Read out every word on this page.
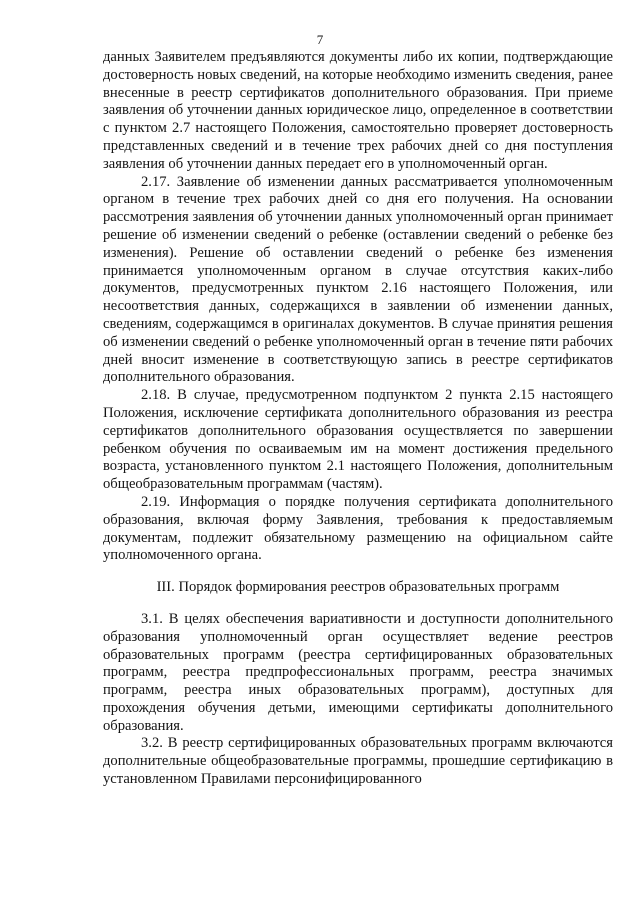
7

данных Заявителем предъявляются документы либо их копии, подтверждающие достоверность новых сведений, на которые необходимо изменить сведения, ранее внесенные в реестр сертификатов дополнительного образования. При приеме заявления об уточнении данных юридическое лицо, определенное в соответствии с пунктом 2.7 настоящего Положения, самостоятельно проверяет достоверность представленных сведений и в течение трех рабочих дней со дня поступления заявления об уточнении данных передает его в уполномоченный орган.

2.17. Заявление об изменении данных рассматривается уполномоченным органом в течение трех рабочих дней со дня его получения. На основании рассмотрения заявления об уточнении данных уполномоченный орган принимает решение об изменении сведений о ребенке (оставлении сведений о ребенке без изменения). Решение об оставлении сведений о ребенке без изменения принимается уполномоченным органом в случае отсутствия каких-либо документов, предусмотренных пунктом 2.16 настоящего Положения, или несоответствия данных, содержащихся в заявлении об изменении данных, сведениям, содержащимся в оригиналах документов. В случае принятия решения об изменении сведений о ребенке уполномоченный орган в течение пяти рабочих дней вносит изменение в соответствующую запись в реестре сертификатов дополнительного образования.

2.18. В случае, предусмотренном подпунктом 2 пункта 2.15 настоящего Положения, исключение сертификата дополнительного образования из реестра сертификатов дополнительного образования осуществляется по завершении ребенком обучения по осваиваемым им на момент достижения предельного возраста, установленного пунктом 2.1 настоящего Положения, дополнительным общеобразовательным программам (частям).

2.19. Информация о порядке получения сертификата дополнительного образования, включая форму Заявления, требования к предоставляемым документам, подлежит обязательному размещению на официальном сайте уполномоченного органа.

III. Порядок формирования реестров образовательных программ

3.1. В целях обеспечения вариативности и доступности дополнительного образования уполномоченный орган осуществляет ведение реестров образовательных программ (реестра сертифицированных образовательных программ, реестра предпрофессиональных программ, реестра значимых программ, реестра иных образовательных программ), доступных для прохождения обучения детьми, имеющими сертификаты дополнительного образования.

3.2. В реестр сертифицированных образовательных программ включаются дополнительные общеобразовательные программы, прошедшие сертификацию в установленном Правилами персонифицированного
